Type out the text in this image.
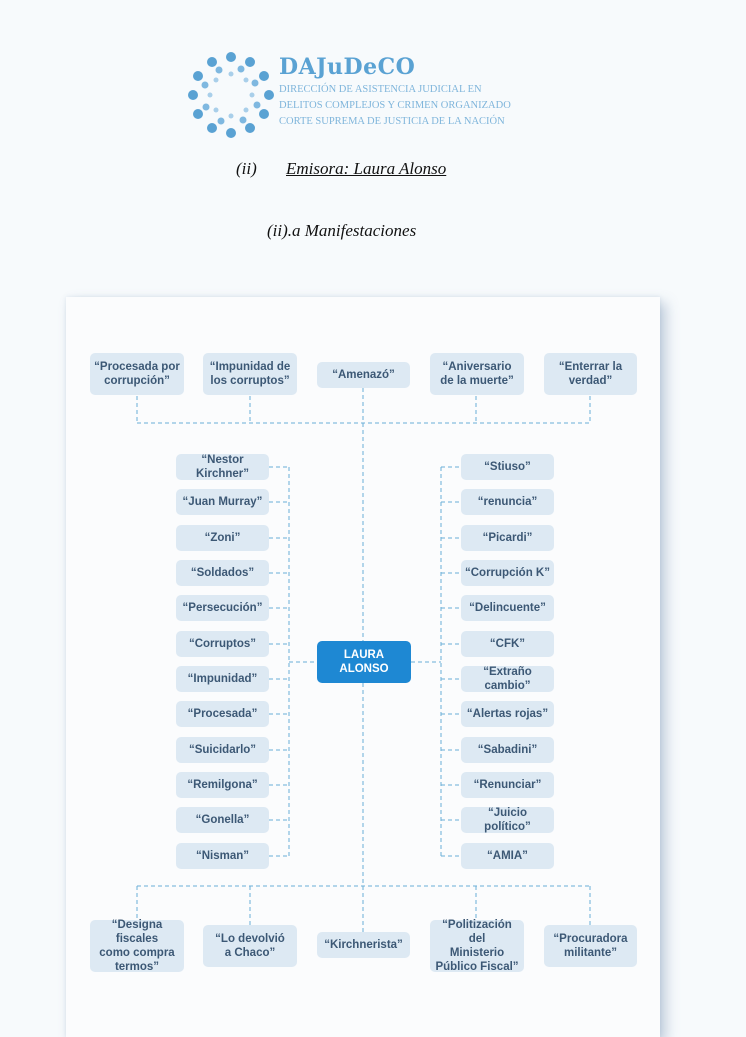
DAJuDeCO
DIRECCIÓN DE ASISTENCIA JUDICIAL EN
DELITOS COMPLEJOS Y CRIMEN ORGANIZADO
CORTE SUPREMA DE JUSTICIA DE LA NACIÓN
(ii) Emisora: Laura Alonso
(ii).a Manifestaciones
“Procesada por
corrupción”
“Impunidad de
los corruptos”	“Amenazó”
“Aniversario
de la muerte”
“Enterrar la
verdad”
“Nestor Kirchner”
“Juan Murray”
“Zoni”
“Soldados”
“Persecución”
“Corruptos”
“Impunidad”
“Procesada”
“Suicidarlo”
“Remilgona”
“Gonella”
“Nisman”
“Stiuso”
“renuncia”
“Picardi”
“Corrupción K”
“Delincuente”
“CFK”
“Extraño cambio”
“Alertas rojas”
“Sabadini”
“Renunciar”
“Juicio político”
“AMIA”
LAURA
ALONSO
“Designa fiscales
como compra
termos”
“Lo devolvió
a Chaco”
“Kirchnerista”
“Politización del
Ministerio
Público Fiscal”
“Procuradora
militante”
